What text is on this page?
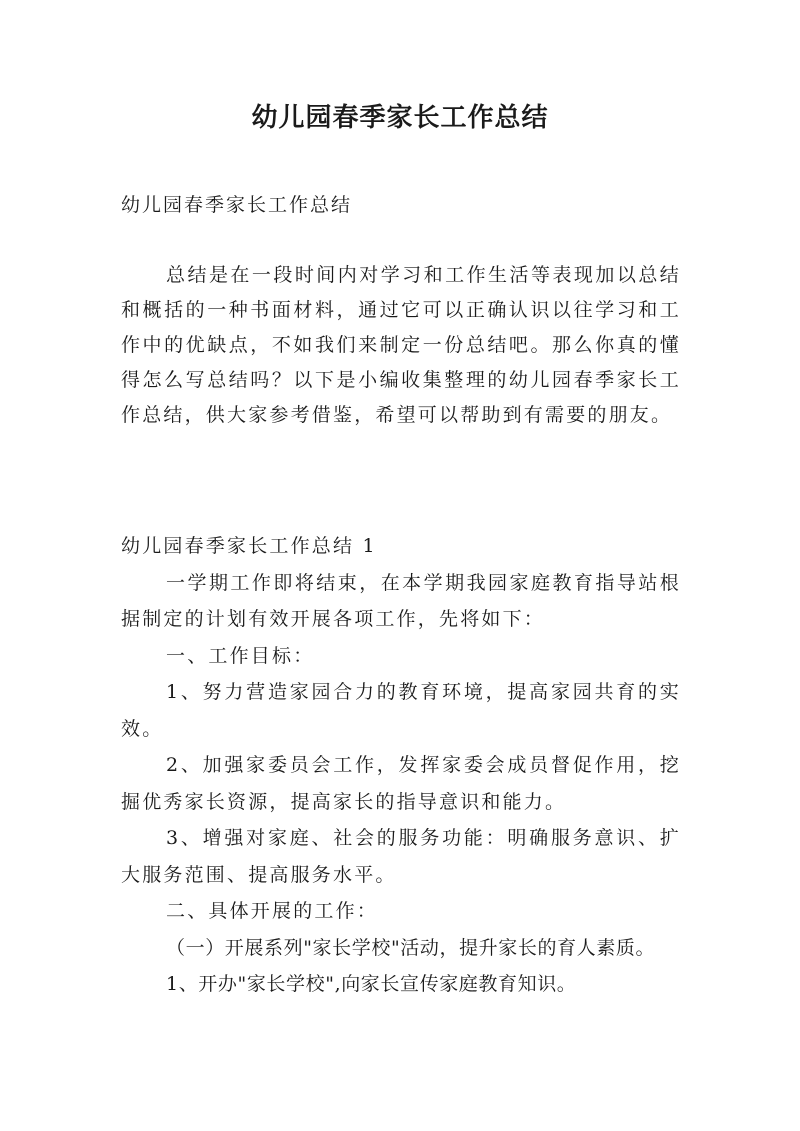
幼儿园春季家长工作总结

幼儿园春季家长工作总结

总结是在一段时间内对学习和工作生活等表现加以总结和概括的一种书面材料，通过它可以正确认识以往学习和工作中的优缺点，不如我们来制定一份总结吧。那么你真的懂得怎么写总结吗？以下是小编收集整理的幼儿园春季家长工作总结，供大家参考借鉴，希望可以帮助到有需要的朋友。

幼儿园春季家长工作总结 1

一学期工作即将结束，在本学期我园家庭教育指导站根据制定的计划有效开展各项工作，先将如下：

一、工作目标：

1、努力营造家园合力的教育环境，提高家园共育的实效。

2、加强家委员会工作，发挥家委会成员督促作用，挖掘优秀家长资源，提高家长的指导意识和能力。

3、增强对家庭、社会的服务功能：明确服务意识、扩大服务范围、提高服务水平。

二、具体开展的工作：

（一）开展系列"家长学校"活动，提升家长的育人素质。

1、开办"家长学校",向家长宣传家庭教育知识。
